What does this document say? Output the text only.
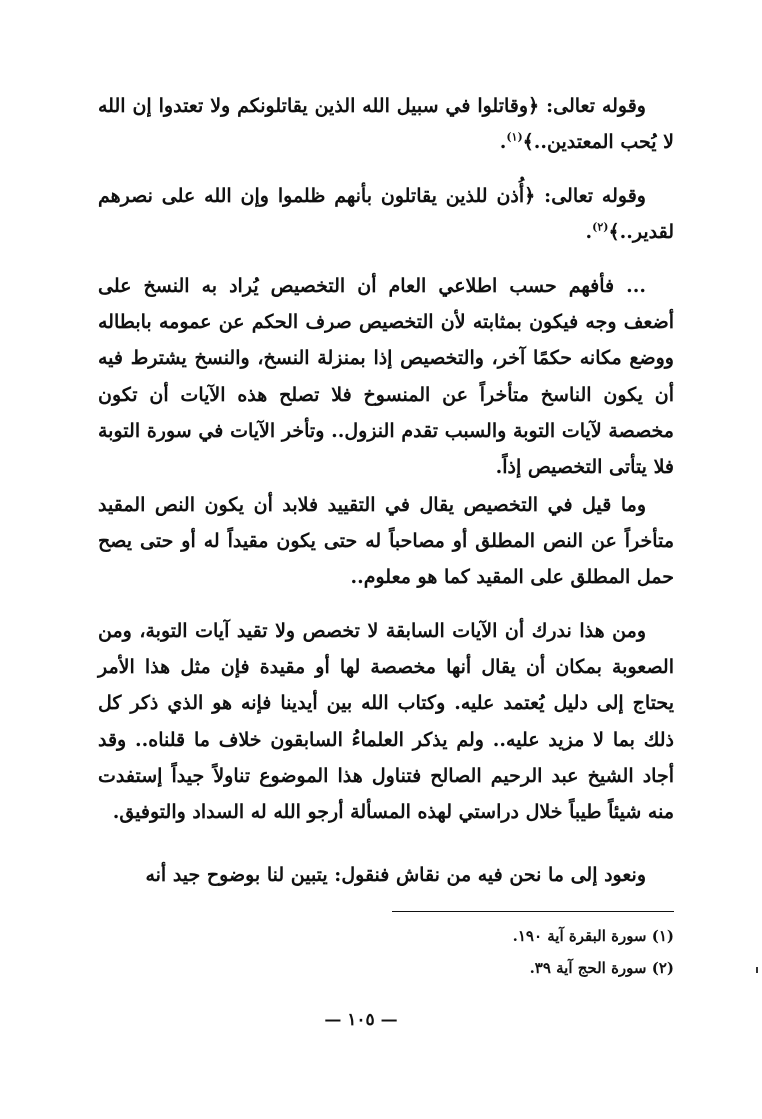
وقوله تعالى: ﴿وقاتلوا في سبيل الله الذين يقاتلونكم ولا تعتدوا إن الله لا يُحب المعتدين..﴾$^{(١)}$.

وقوله تعالى: ﴿أُذن للذين يقاتلون بأنهم ظلموا وإن الله على نصرهم لقدير..﴾$^{(٢)}$.

... فأفهم حسب اطلاعي العام أن التخصيص يُراد به النسخ على أضعف وجه فيكون بمثابته لأن التخصيص صرف الحكم عن عمومه بابطاله ووضع مكانه حكمًا آخر، والتخصيص إذا بمنزلة النسخ، والنسخ يشترط فيه أن يكون الناسخ متأخراً عن المنسوخ فلا تصلح هذه الآيات أن تكون مخصصة لآيات التوبة والسبب تقدم النزول.. وتأخر الآيات في سورة التوبة فلا يتأتى التخصيص إذاً.

وما قيل في التخصيص يقال في التقييد فلابد أن يكون النص المقيد متأخراً عن النص المطلق أو مصاحباً له حتى يكون مقيداً له أو حتى يصح حمل المطلق على المقيد كما هو معلوم..

ومن هذا ندرك أن الآيات السابقة لا تخصص ولا تقيد آيات التوبة، ومن الصعوبة بمكان أن يقال أنها مخصصة لها أو مقيدة فإن مثل هذا الأمر يحتاج إلى دليل يُعتمد عليه. وكتاب الله بين أيدينا فإنه هو الذي ذكر كل ذلك بما لا مزيد عليه.. ولم يذكر العلماءُ السابقون خلاف ما قلناه.. وقد أجاد الشيخ عبد الرحيم الصالح فتناول هذا الموضوع تناولاً جيداً إستفدت منه شيئاً طيباً خلال دراستي لهذه المسألة أرجو الله له السداد والتوفيق.

ونعود إلى ما نحن فيه من نقاش فنقول: يتبين لنا بوضوح جيد أنه

(١) سورة البقرة آية ١٩٠.
(٢) سورة الحج آية ٣٩.
— ١٠٥ —
